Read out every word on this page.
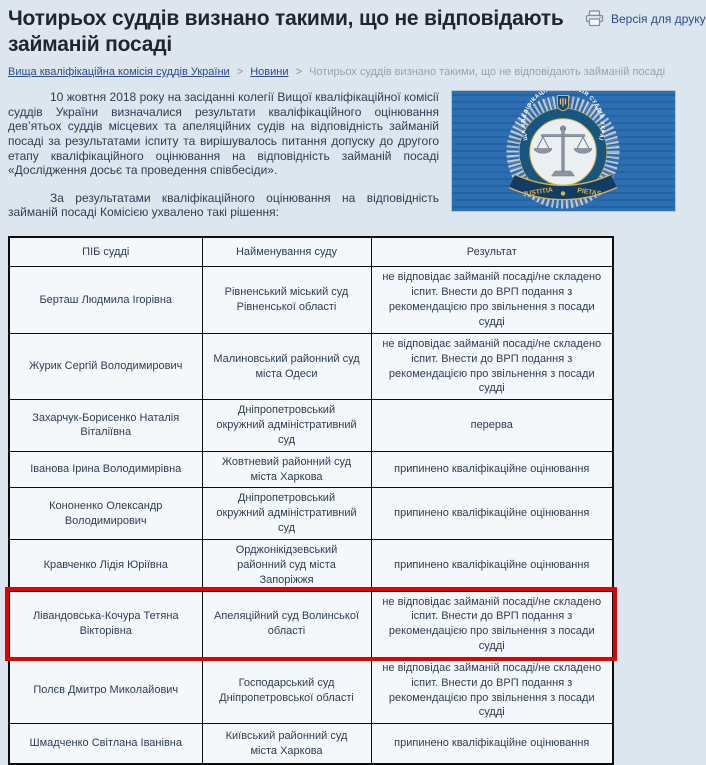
Чотирьох суддів визнано такими, що не відповідають займаній посаді
Версія для друку
Вища кваліфікаційна комісія суддів України > Новини > Чотирьох суддів визнано такими, що не відповідають займаній посаді
ЩА КВАЛІФІКАЦІ ІЯ СУДДІВ УКРАЇ
JUSTITIA	PIETAS

10 жовтня 2018 року на засіданні колегії Вищої кваліфікаційної комісії суддів України визначалися результати кваліфікаційного оцінювання дев’ятьох суддів місцевих та апеляційних судів на відповідність займаній посаді за результатами іспиту та вирішувалось питання допуску до другого етапу кваліфікаційного оцінювання на відповідність займаній посаді «Дослідження досьє та проведення співбесіди».

За результатами кваліфікаційного оцінювання на відповідність займаній посаді Комісією ухвалено такі рішення:

ПІБ судді	Найменування суду	Результат
Берташ Людмила Ігорівна	Рівненський міський суд Рівненської області	не відповідає займаній посаді/не складено іспит. Внести до ВРП подання з рекомендацією про звільнення з посади судді
Журик Сергій Володимирович	Малиновський районний суд міста Одеси	не відповідає займаній посаді/не складено іспит. Внести до ВРП подання з рекомендацією про звільнення з посади судді
Захарчук-Борисенко Наталія Віталіївна	Дніпропетровський окружний адміністративний суд	перерва
Іванова Ірина Володимирівна	Жовтневий районний суд міста Харкова	припинено кваліфікаційне оцінювання
Кононенко Олександр Володимирович	Дніпропетровський окружний адміністративний суд	припинено кваліфікаційне оцінювання
Кравченко Лідія Юріївна	Орджонікідзевський районний суд міста Запоріжжя	припинено кваліфікаційне оцінювання
Лівандовська-Кочура Тетяна Вікторівна	Апеляційний суд Волинської області	не відповідає займаній посаді/не складено іспит. Внести до ВРП подання з рекомендацією про звільнення з посади судді
Полєв Дмитро Миколайович	Господарський суд Дніпропетровської області	не відповідає займаній посаді/не складено іспит. Внести до ВРП подання з рекомендацією про звільнення з посади судді
Шмадченко Світлана Іванівна	Київський районний суд міста Харкова	припинено кваліфікаційне оцінювання
